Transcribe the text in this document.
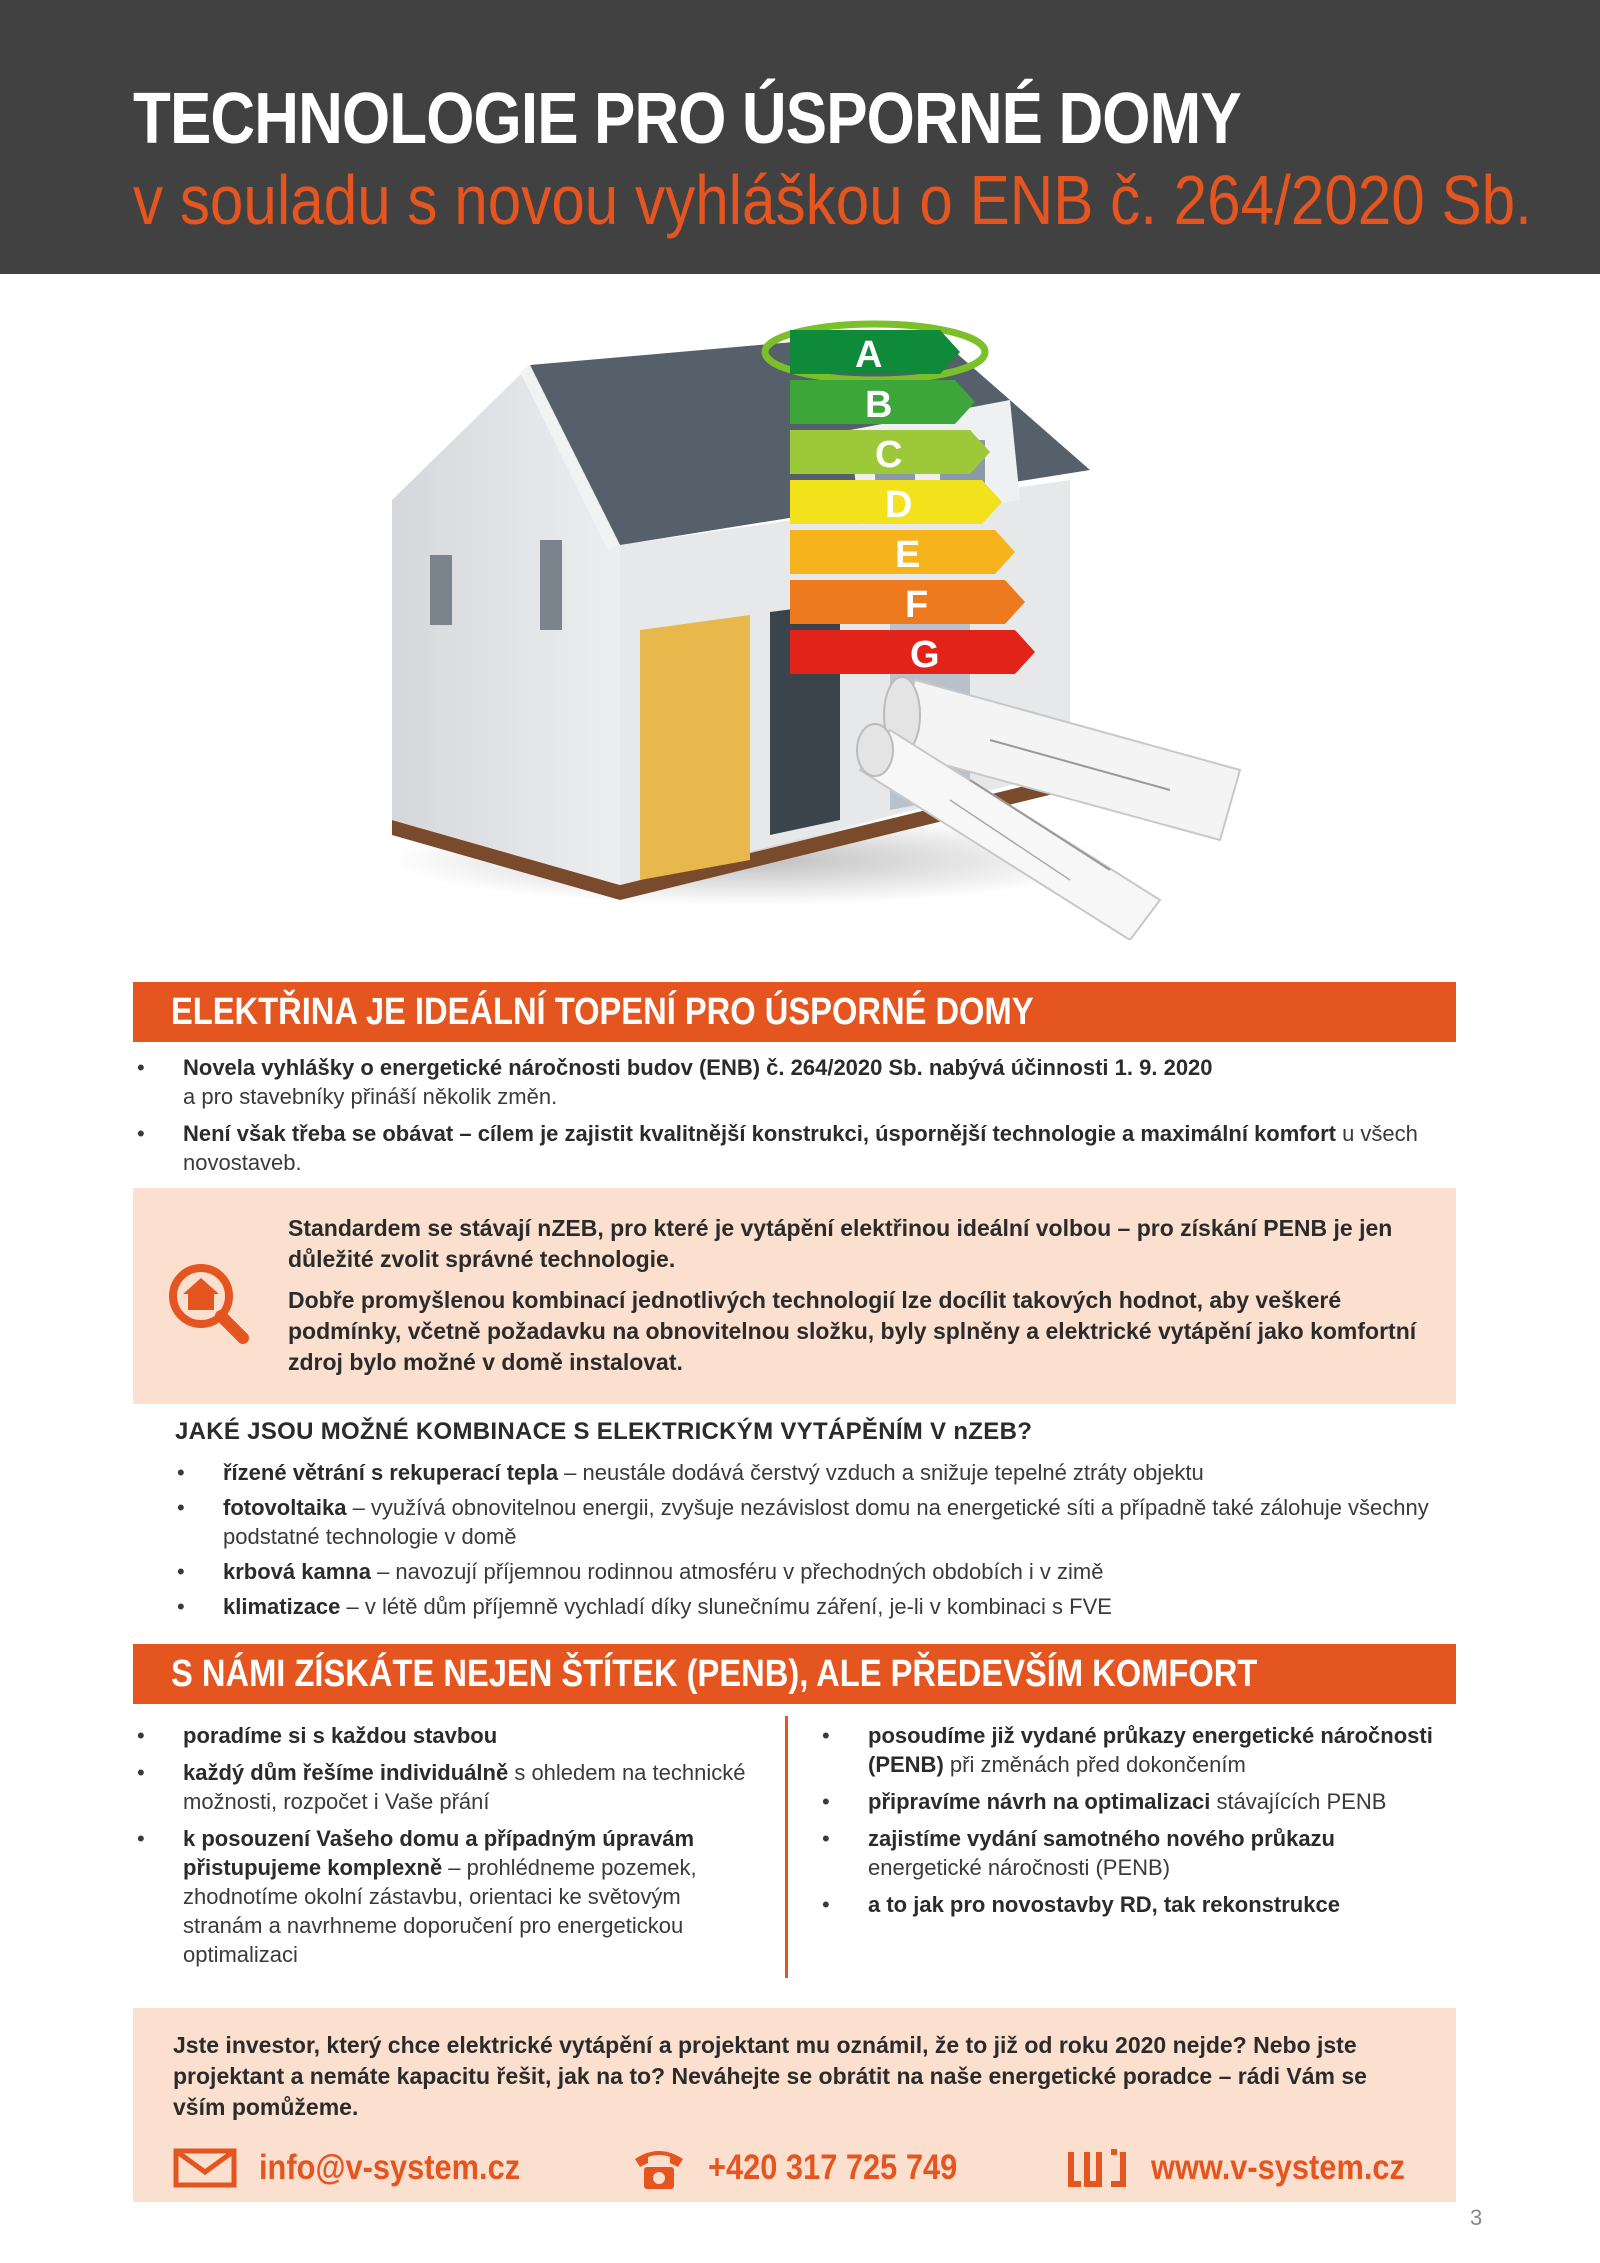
TECHNOLOGIE PRO ÚSPORNÉ DOMY
v souladu s novou vyhláškou o ENB č. 264/2020 Sb.
A
B
C
D
E
F
G
ELEKTŘINA JE IDEÁLNÍ TOPENÍ PRO ÚSPORNÉ DOMY
• Novela vyhlášky o energetické náročnosti budov (ENB) č. 264/2020 Sb. nabývá účinnosti 1. 9. 2020
a pro stavebníky přináší několik změn.
• Není však třeba se obávat – cílem je zajistit kvalitnější konstrukci, úspornější technologie a maximální komfort u všech novostaveb.

Standardem se stávají nZEB, pro které je vytápění elektřinou ideální volbou – pro získání PENB je jen důležité zvolit správné technologie.

Dobře promyšlenou kombinací jednotlivých technologií lze docílit takových hodnot, aby veškeré podmínky, včetně požadavku na obnovitelnou složku, byly splněny a elektrické vytápění jako komfortní zdroj bylo možné v domě instalovat.

JAKÉ JSOU MOŽNÉ KOMBINACE S ELEKTRICKÝM VYTÁPĚNÍM V nZEB?
• řízené větrání s rekuperací tepla – neustále dodává čerstvý vzduch a snižuje tepelné ztráty objektu
• fotovoltaika – využívá obnovitelnou energii, zvyšuje nezávislost domu na energetické síti a případně také zálohuje všechny podstatné technologie v domě
• krbová kamna – navozují příjemnou rodinnou atmosféru v přechodných obdobích i v zimě
• klimatizace – v létě dům příjemně vychladí díky slunečnímu záření, je-li v kombinaci s FVE
S NÁMI ZÍSKÁTE NEJEN ŠTÍTEK (PENB), ALE PŘEDEVŠÍM KOMFORT
• poradíme si s každou stavbou
• každý dům řešíme individuálně s ohledem na technické možnosti, rozpočet i Vaše přání
• k posouzení Vašeho domu a případným úpravám přistupujeme komplexně – prohlédneme pozemek, zhodnotíme okolní zástavbu, orientaci ke světovým stranám a navrhneme doporučení pro energetickou optimalizaci
• posoudíme již vydané průkazy energetické náročnosti (PENB) při změnách před dokončením
• připravíme návrh na optimalizaci stávajících PENB
• zajistíme vydání samotného nového průkazu energetické náročnosti (PENB)
• a to jak pro novostavby RD, tak rekonstrukce

Jste investor, který chce elektrické vytápění a projektant mu oznámil, že to již od roku 2020 nejde? Nebo jste projektant a nemáte kapacitu řešit, jak na to? Neváhejte se obrátit na naše energetické poradce – rádi Vám se vším pomůžeme.

info@v-system.cz	+420 317 725 749	www.v-system.cz
3
